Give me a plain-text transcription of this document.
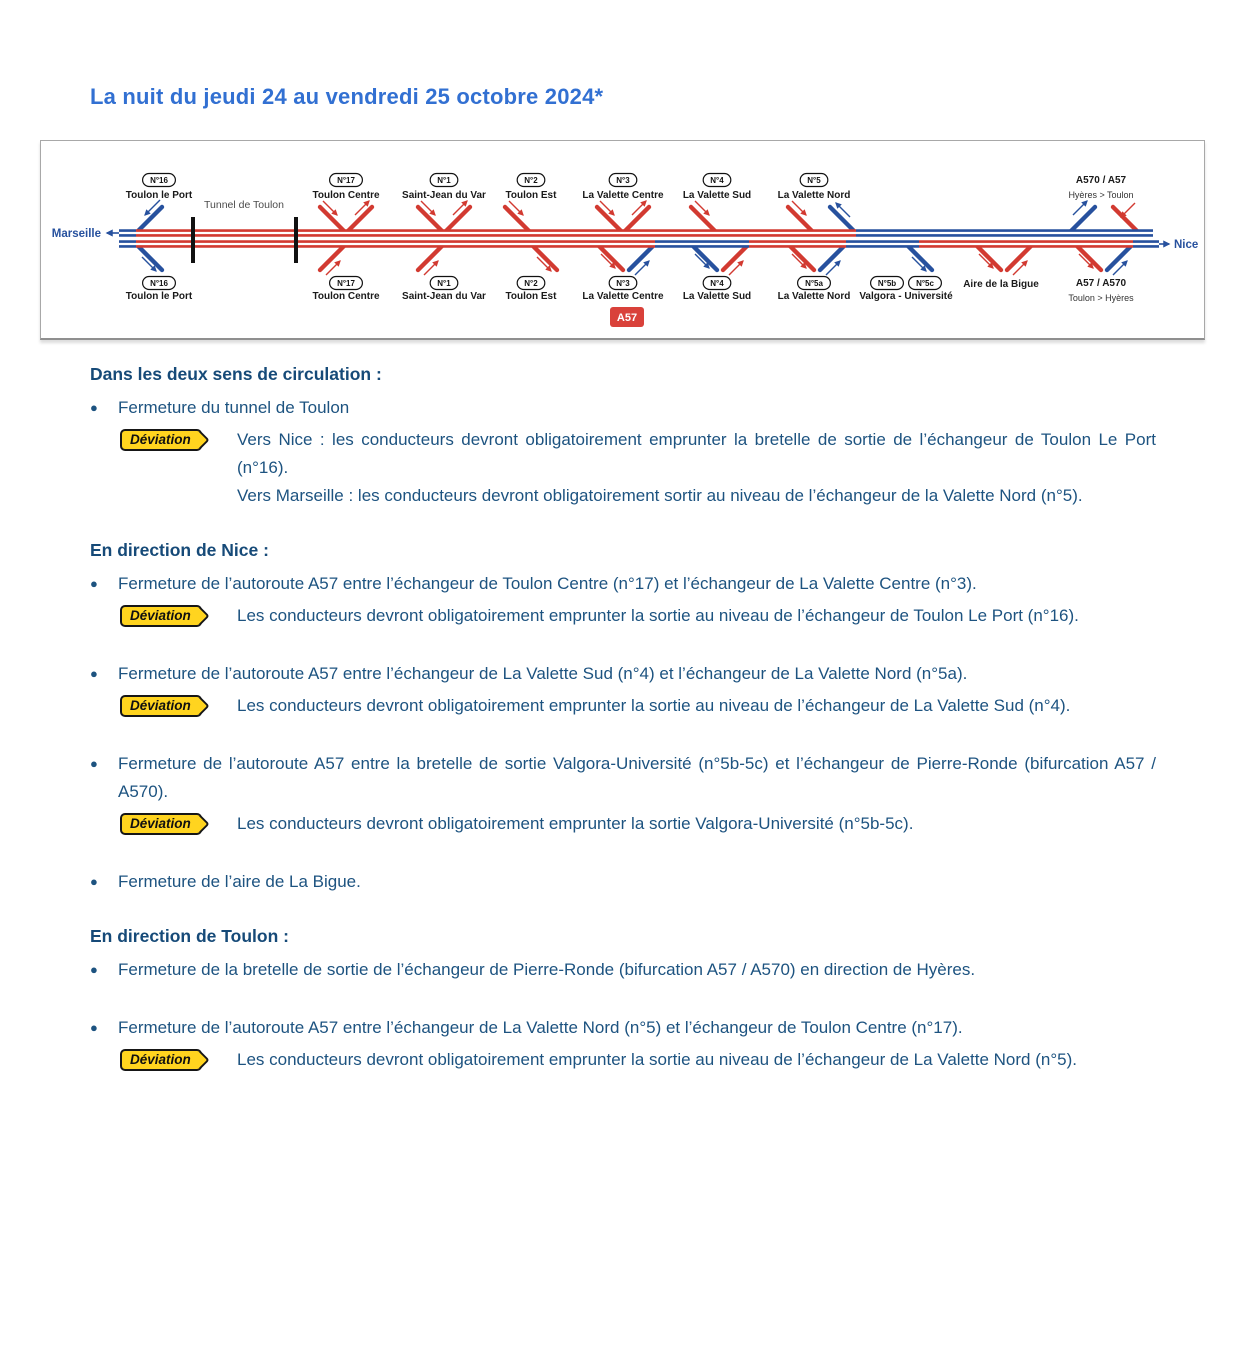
La nuit du jeudi 24 au vendredi 25 octobre 2024*
N°16
Toulon le Port
N°17
Toulon Centre
N°1
Saint-Jean du Var
N°2
Toulon Est
N°3
La Valette Centre
N°4
La Valette Sud
N°5
La Valette Nord
A570 / A57
Hyères > Toulon
N°16
Toulon le Port
N°17
Toulon Centre
N°1
Saint-Jean du Var
N°2
Toulon Est
N°3
La Valette Centre
N°4
La Valette Sud
N°5a
La Valette Nord
N°5b N°5c
Valgora - Université
Aire de la Bigue	A57 / A570
Toulon > Hyères
Marseille
Nice
Tunnel de Toulon
A57
Dans les deux sens de circulation :
●	Fermeture du tunnel de Toulon
Déviation	Vers Nice : les conducteurs devront obligatoirement emprunter la bretelle de sortie de l’échangeur de Toulon Le Port (n°16).

Vers Marseille : les conducteurs devront obligatoirement sortir au niveau de l’échangeur de la Valette Nord (n°5).

En direction de Nice :
●	Fermeture de l’autoroute A57 entre l’échangeur de Toulon Centre (n°17) et l’échangeur de La Valette Centre (n°3).
Déviation	Les conducteurs devront obligatoirement emprunter la sortie au niveau de l’échangeur de Toulon Le Port (n°16).

●	Fermeture de l’autoroute A57 entre l’échangeur de La Valette Sud (n°4) et l’échangeur de La Valette Nord (n°5a).
Déviation	Les conducteurs devront obligatoirement emprunter la sortie au niveau de l’échangeur de La Valette Sud (n°4).

●	Fermeture de l’autoroute A57 entre la bretelle de sortie Valgora-Université (n°5b-5c) et l’échangeur de Pierre-Ronde (bifurcation A57 / A570).
Déviation	Les conducteurs devront obligatoirement emprunter la sortie Valgora-Université (n°5b-5c).

●	Fermeture de l’aire de La Bigue.
En direction de Toulon :
●	Fermeture de la bretelle de sortie de l’échangeur de Pierre-Ronde (bifurcation A57 / A570) en direction de Hyères.
●	Fermeture de l’autoroute A57 entre l’échangeur de La Valette Nord (n°5) et l’échangeur de Toulon Centre (n°17).
Déviation	Les conducteurs devront obligatoirement emprunter la sortie au niveau de l’échangeur de La Valette Nord (n°5).
